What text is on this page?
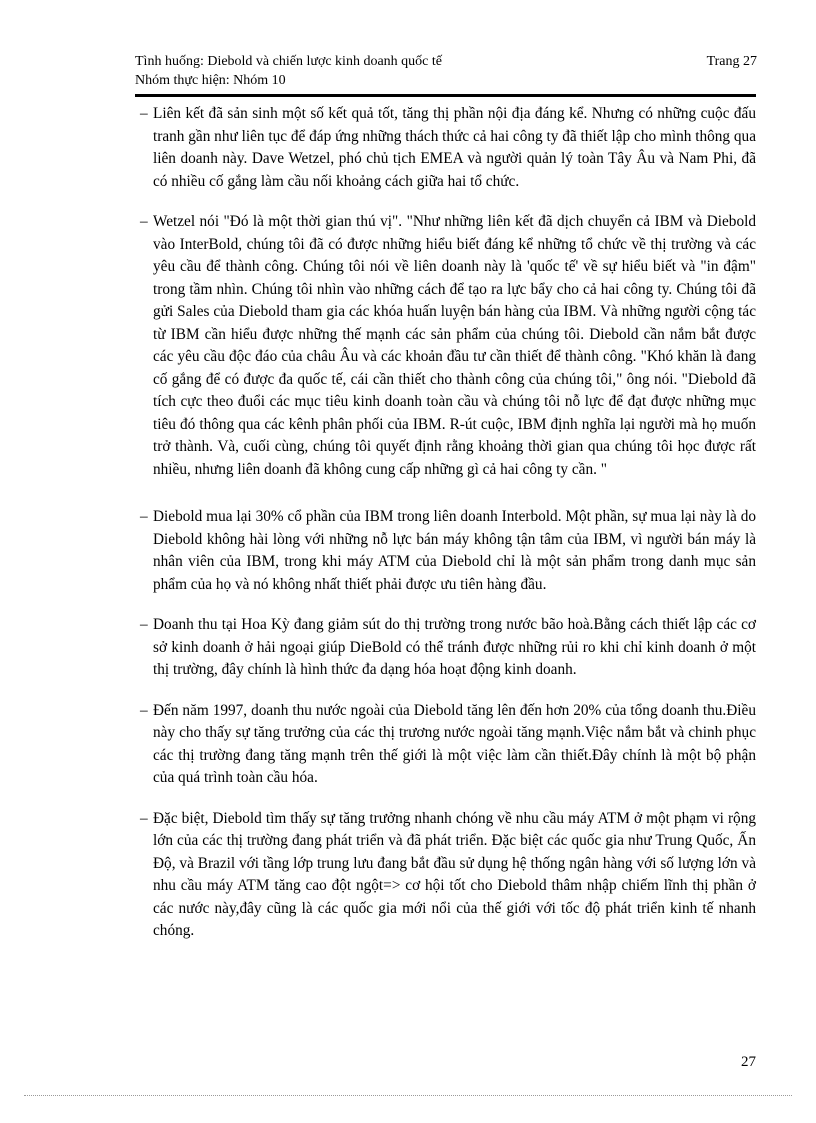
Tình huống: Diebold và chiến lược kinh doanh quốc tế
Nhóm thực hiện: Nhóm 10
Trang 27
– Liên kết đã sản sinh một số kết quả tốt, tăng thị phần nội địa đáng kể. Nhưng có những cuộc đấu tranh gần như liên tục để đáp ứng những thách thức cả hai công ty đã thiết lập cho mình thông qua liên doanh này. Dave Wetzel, phó chủ tịch EMEA và người quản lý toàn Tây Âu và Nam Phi, đã có nhiều cố gắng làm cầu nối khoảng cách giữa hai tổ chức.
– Wetzel nói "Đó là một thời gian thú vị". "Như những liên kết đã dịch chuyển cả IBM và Diebold vào InterBold, chúng tôi đã có được những hiểu biết đáng kể những tổ chức về thị trường và các yêu cầu để thành công. Chúng tôi nói về liên doanh này là 'quốc tế' về sự hiểu biết và "in đậm" trong tầm nhìn. Chúng tôi nhìn vào những cách để tạo ra lực bẩy cho cả hai công ty. Chúng tôi đã gửi Sales của Diebold tham gia các khóa huấn luyện bán hàng của IBM. Và những người cộng tác từ IBM cần hiểu được những thế mạnh các sản phẩm của chúng tôi. Diebold cần nắm bắt được các yêu cầu độc đáo của châu Âu và các khoản đầu tư cần thiết để thành công. "Khó khăn là đang cố gắng để có được đa quốc tế, cái cần thiết cho thành công của chúng tôi," ông nói. "Diebold đã tích cực theo đuổi các mục tiêu kinh doanh toàn cầu và chúng tôi nỗ lực để đạt được những mục tiêu đó thông qua các kênh phân phối của IBM. R-út cuộc, IBM định nghĩa lại người mà họ muốn trở thành. Và, cuối cùng, chúng tôi quyết định rằng khoảng thời gian qua chúng tôi học được rất nhiều, nhưng liên doanh đã không cung cấp những gì cả hai công ty cần. "
– Diebold mua lại 30% cổ phần của IBM trong liên doanh Interbold. Một phần, sự mua lại này là do Diebold không hài lòng với những nỗ lực bán máy không tận tâm của IBM, vì người bán máy là nhân viên của IBM, trong khi máy ATM của Diebold chỉ là một sản phẩm trong danh mục sản phẩm của họ và nó không nhất thiết phải được ưu tiên hàng đầu.
– Doanh thu tại Hoa Kỳ đang giảm sút do thị trường trong nước bão hoà.Bằng cách thiết lập các cơ sở kinh doanh ở hải ngoại giúp DieBold có thể tránh được những rủi ro khi chỉ kinh doanh ở một thị trường, đây chính là hình thức đa dạng hóa hoạt động kinh doanh.
– Đến năm 1997, doanh thu nước ngoài của Diebold tăng lên đến hơn 20% của tổng doanh thu.Điều này cho thấy sự tăng trưởng của các thị trương nước ngoài tăng mạnh.Việc nắm bắt và chinh phục các thị trường đang tăng mạnh trên thế giới là một việc làm cần thiết.Đây chính là một bộ phận của quá trình toàn cầu hóa.
– Đặc biệt, Diebold tìm thấy sự tăng trưởng nhanh chóng về nhu cầu máy ATM ở một phạm vi rộng lớn của các thị trường đang phát triển và đã phát triển. Đặc biệt các quốc gia như Trung Quốc, Ấn Độ, và Brazil với tầng lớp trung lưu đang bắt đầu sử dụng hệ thống ngân hàng với số lượng lớn và nhu cầu máy ATM tăng cao đột ngột=> cơ hội tốt cho Diebold thâm nhập chiếm lĩnh thị phần ở các nước này,đây cũng là các quốc gia mới nổi của thế giới với tốc độ phát triển kinh tế nhanh chóng.
27
